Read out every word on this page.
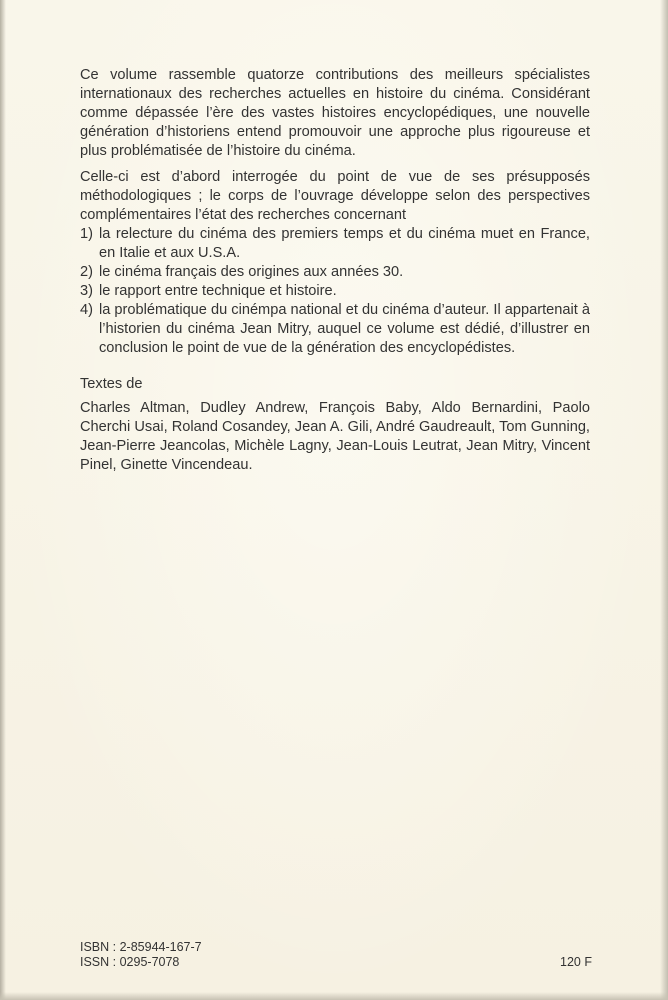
Ce volume rassemble quatorze contributions des meilleurs spécialistes internationaux des recherches actuelles en histoire du cinéma. Considérant comme dépassée l’ère des vastes histoires encyclopédiques, une nouvelle génération d’historiens entend promouvoir une approche plus rigoureuse et plus problématisée de l’histoire du cinéma.

Celle-ci est d’abord interrogée du point de vue de ses présupposés méthodologiques ; le corps de l’ouvrage développe selon des perspectives complémentaires l’état des recherches concernant

1) la relecture du cinéma des premiers temps et du cinéma muet en France, en Italie et aux U.S.A.
2) le cinéma français des origines aux années 30.
3) le rapport entre technique et histoire.
4) la problématique du cinémpa national et du cinéma d’auteur. Il appartenait à l’historien du cinéma Jean Mitry, auquel ce volume est dédié, d’illustrer en conclusion le point de vue de la génération des encyclopédistes.
Textes de

Charles Altman, Dudley Andrew, François Baby, Aldo Bernardini, Paolo Cherchi Usai, Roland Cosandey, Jean A. Gili, André Gaudreault, Tom Gunning, Jean-Pierre Jeancolas, Michèle Lagny, Jean-Louis Leutrat, Jean Mitry, Vincent Pinel, Ginette Vincendeau.

ISBN : 2-85944-167-7
ISSN : 0295-7078	120 F
